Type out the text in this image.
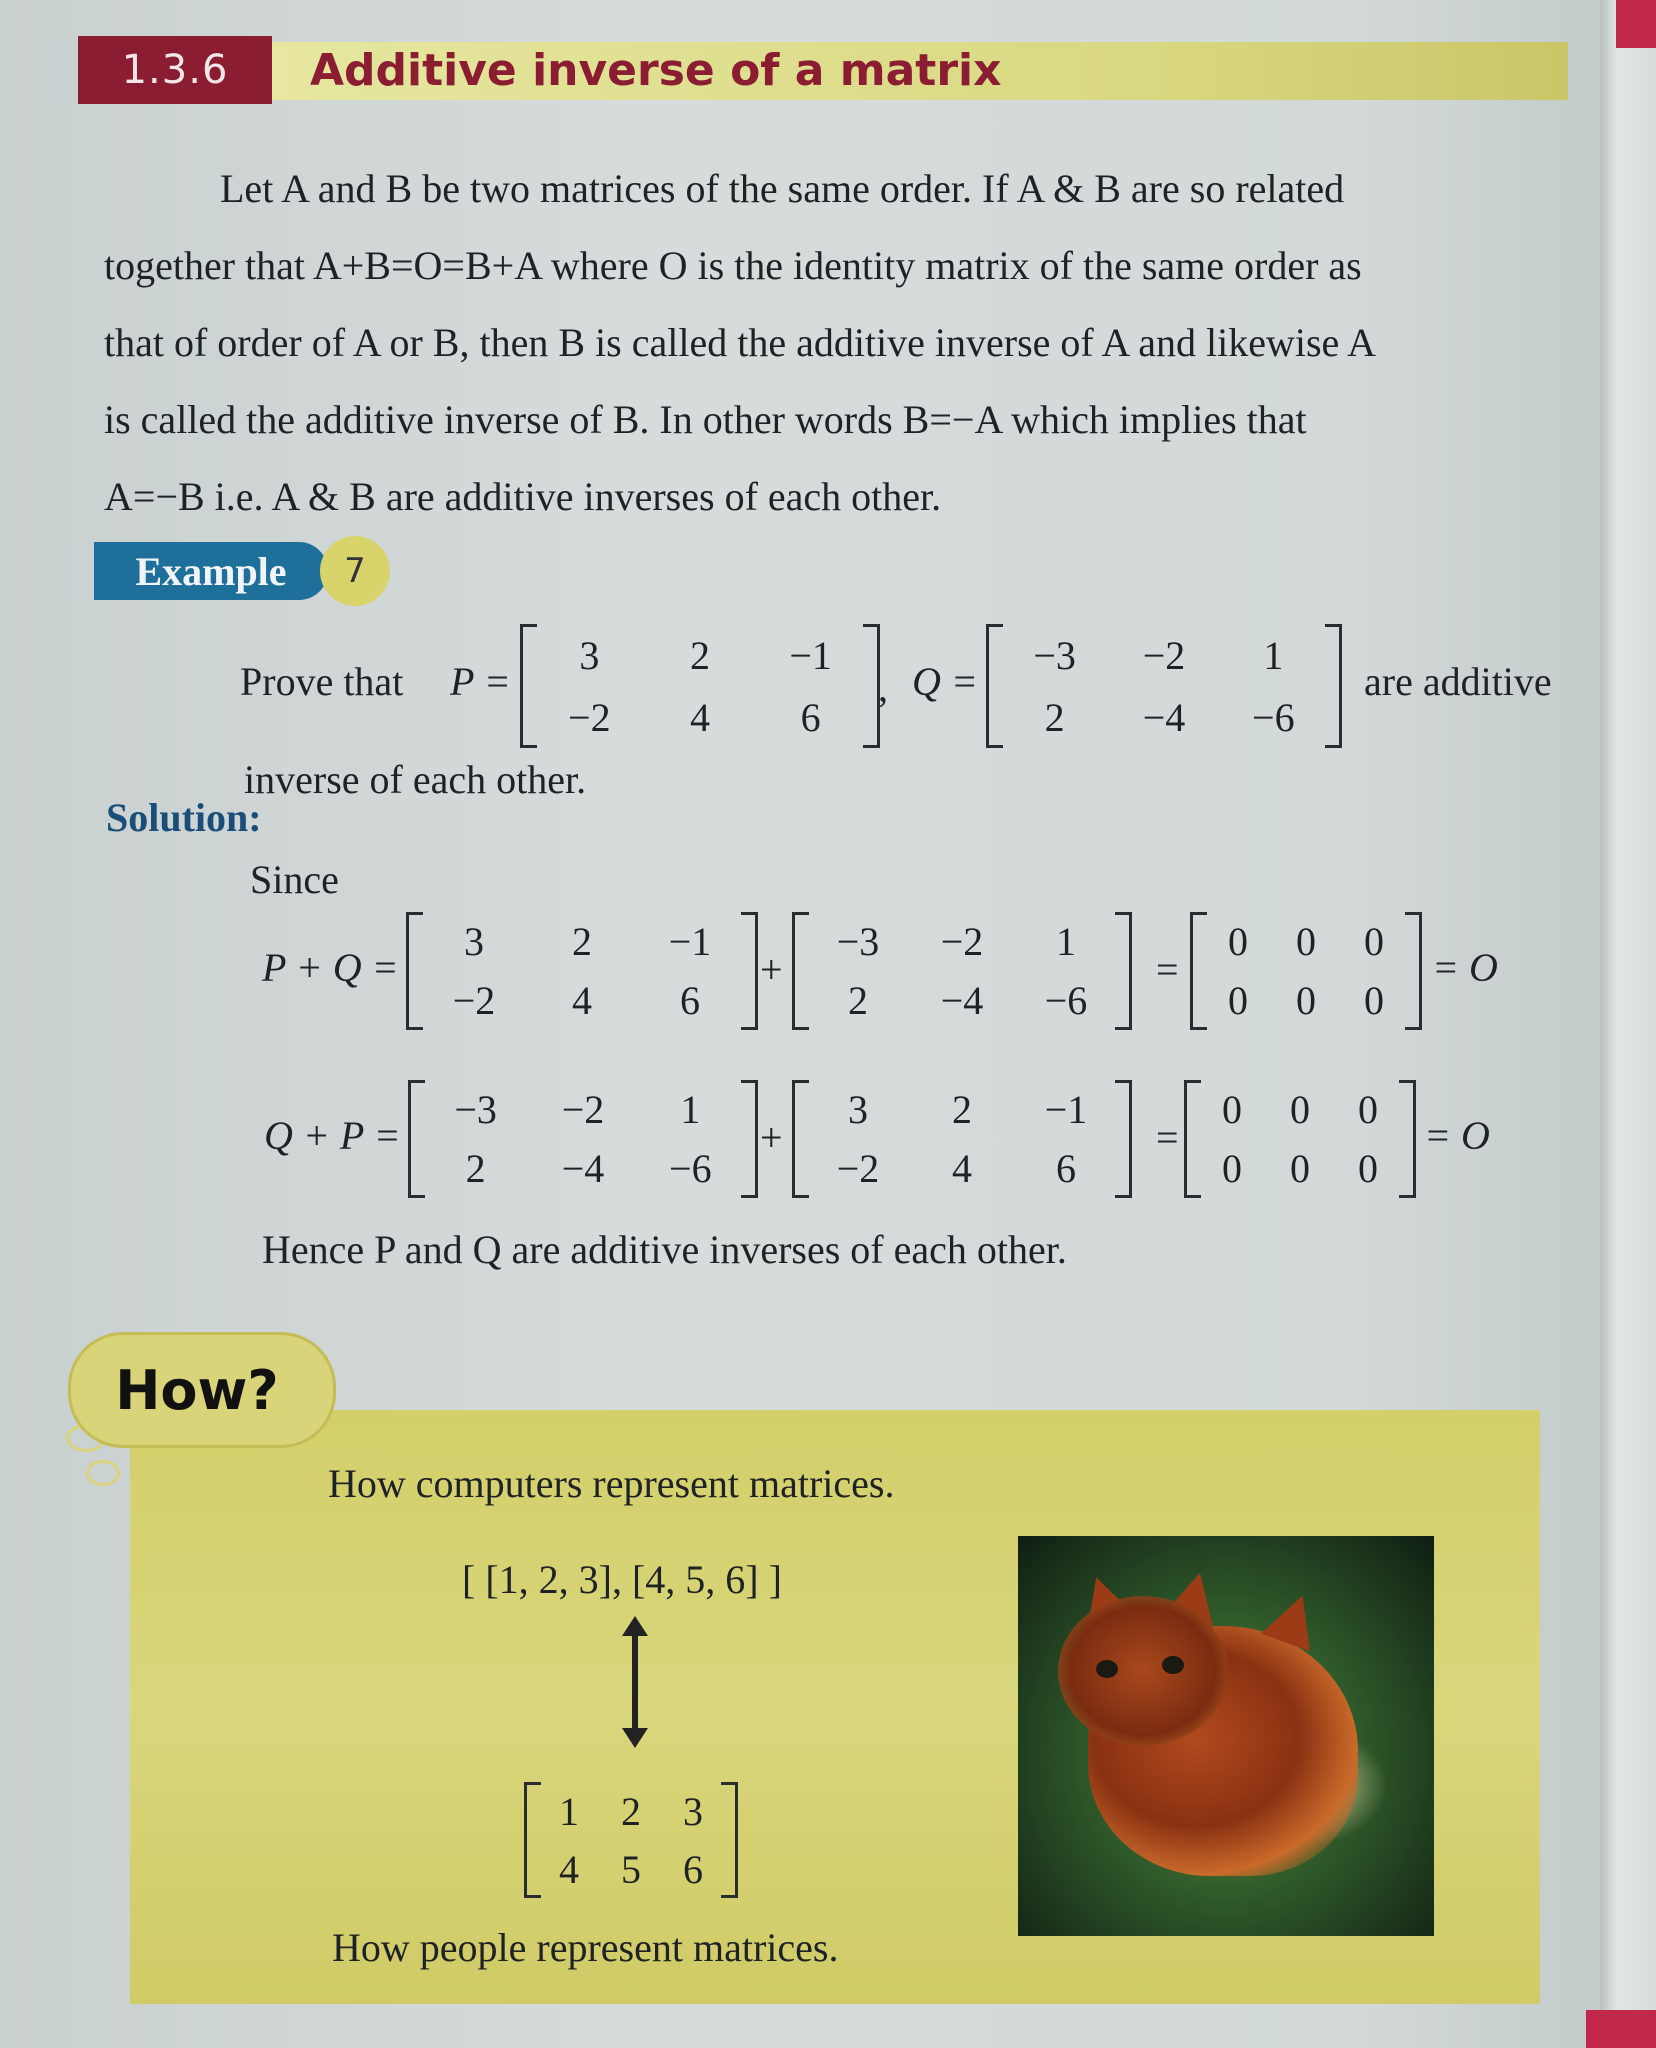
1.3.6	Additive inverse of a matrix

Let A and B be two matrices of the same order. If A & B are so related

together that A+B=O=B+A where O is the identity matrix of the same order as
that of order of A or B, then B is called the additive inverse of A and likewise A
is called the additive inverse of B. In other words B=−A which implies that
A=−B i.e. A & B are additive inverses of each other.
Example	7
Prove that P =
3	2	−1
−2	4	6
, Q =
−3	−2	1
2	−4	−6
are additive
inverse of each other.
Solution:
Since
P + Q =
3	2	−1
−2	4	6
+
−3	−2	1
2	−4	−6
=
0	0	0
0	0	0
= O
Q + P =
−3	−2	1
2	−4	−6
+
3	2	−1
−2	4	6
=
0	0	0
0	0	0
= O
Hence P and Q are additive inverses of each other.
How?
How computers represent matrices.
[ [1, 2, 3], [4, 5, 6] ]
1	2	3
4	5	6
How people represent matrices.
